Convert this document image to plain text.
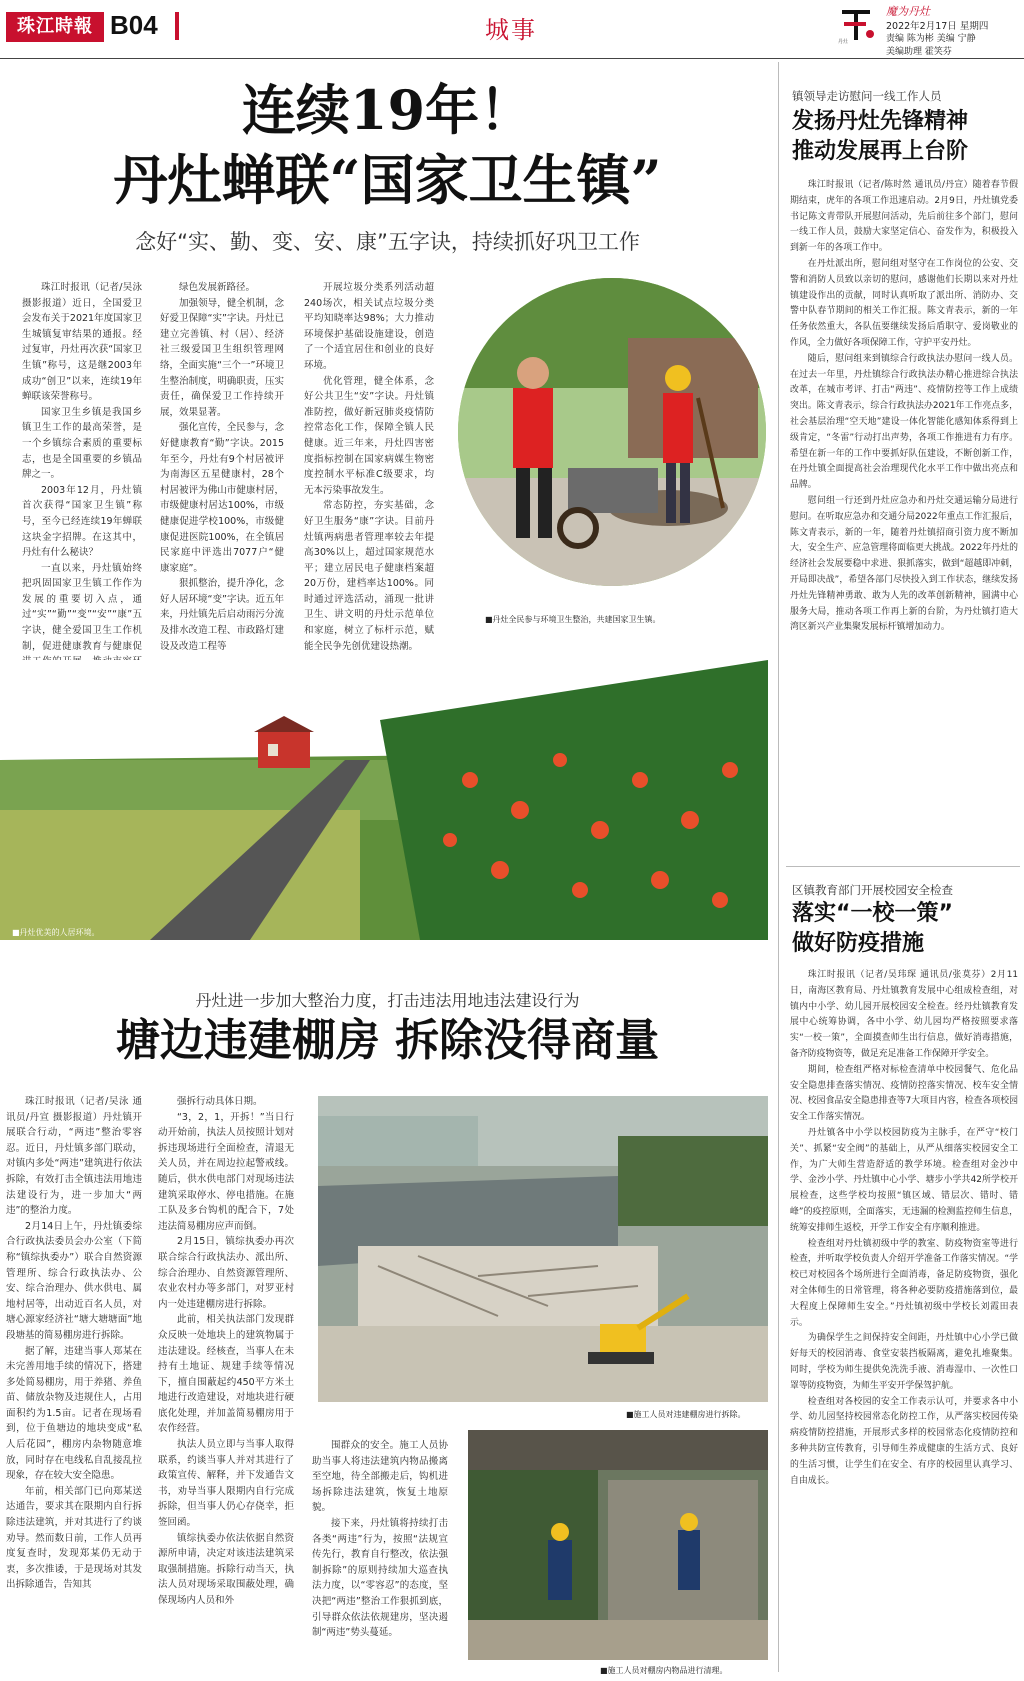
珠江時報 B04	城事	丹灶
魔为丹灶
2022年2月17日 星期四
责编 陈为彬 美编 宁静
美编助理 霍笑芬
连续19年！
丹灶蝉联“国家卫生镇”
念好“实、勤、变、安、康”五字诀，持续抓好巩卫工作

珠江时报讯（记者/吴泳 摄影报道）近日，全国爱卫会发布关于2021年度国家卫生城镇复审结果的通报。经过复审，丹灶再次获“国家卫生镇”称号，这是继2003年成功“创卫”以来，连续19年蝉联该荣誉称号。

国家卫生乡镇是我国乡镇卫生工作的最高荣誉，是一个乡镇综合素质的重要标志，也是全国重要的乡镇品牌之一。

2003年12月，丹灶镇首次获得“国家卫生镇”称号，至今已经连续19年蝉联这块金字招牌。在这其中，丹灶有什么秘诀？

一直以来，丹灶镇始终把巩固国家卫生镇工作作为发展的重要切入点，通过“实”“勤”“变”“安”“康”五字诀，健全爱国卫生工作机制，促进健康教育与健康促

绿色发展新路径。

加强领导，健全机制，念好爱卫保障“实”字诀。丹灶已建立完善镇、村（居）、经济社三级爱国卫生组织管理网络，全面实施“三个一”环境卫生整治制度，明确职责，压实责任，确保爱卫工作持续开展，效果显著。

强化宣传，全民参与，念好健康教育“勤”字诀。2015年至今，丹灶有9个村居被评为南海区五星健康村，28个村居被评为佛山市健康村居，市级健康村居达100%，市级健康促进学校100%，市级健康促进医院100%，在全镇居民家庭中评选出7077户“健康家庭”。

狠抓整治，提升净化，念好人居环境“变”字诀。近五年来，丹灶镇先后启动雨污分流及排水改造工程、市政路灯建设及改造工程等

开展垃圾分类系列活动超240场次，相关试点垃圾分类平均知晓率达98%；大力推动环境保护基础设施建设，创造了一个适宜居住和创业的良好环境。

优化管理，健全体系，念好公共卫生“安”字诀。丹灶镇准防控，做好新冠肺炎疫情防控常态化工作，保障全镇人民健康。近三年来，丹灶四害密度指标控制在国家病媒生物密度控制水平标准C级要求，均无本污染事故发生。

常态防控，夯实基础，念好卫生服务“康”字诀。目前丹灶镇两病患者管理率较去年提高30%以上，超过国家规范水平；建立居民电子健康档案超20万份，建档率达100%。同时通过评选活动，涌现一批讲卫生、讲文明的丹灶示范单位和家庭，树立了标杆示范，赋能全民争先创优建设热潮。

■丹灶全民参与环境卫生整治，共建国家卫生镇。
■丹灶优美的人居环境。
丹灶进一步加大整治力度，打击违法用地违法建设行为
塘边违建棚房 拆除没得商量

珠江时报讯（记者/吴泳 通讯员/丹宣 摄影报道）丹灶镇开展联合行动，“两违”整治零容忍。近日，丹灶镇多部门联动，对镇内多处“两违”建筑进行依法拆除，有效打击全镇违法用地违法建设行为，进一步加大“两违”的整治力度。

2月14日上午，丹灶镇委综合行政执法委员会办公室（下简称“镇综执委办”）联合自然资源管理所、综合行政执法办、公安、综合治理办、供水供电、属地村居等，出动近百名人员，对塘心源家经济社“塘大塘塘面”地段塘基的简易棚房进行拆除。

据了解，违建当事人郑某在未完善用地手续的情况下，搭建多处简易棚房，用于养猪、养鱼苗、储放杂物及违规住人，占用面积约为1.5亩。记者在现场看到，位于鱼塘边的地块变成“私人后花园”，棚房内杂物随意堆放，同时存在电线私自乱接乱拉现象，存在较大安全隐患。

年前，相关部门已向郑某送达通告，要求其在限期内自行拆除违法建筑，并对其进行了约谈劝导。然而数日前，工作人员再度复查时，发现郑某仍无动于衷，多次推诿，于是现场对其发出拆除通告，告知其

强拆行动具体日期。

“3，2，1，开拆！”当日行动开始前，执法人员按照计划对拆违现场进行全面检查，清退无关人员，并在周边拉起警戒线。随后，供水供电部门对现场违法建筑采取停水、停电措施。在施工队及多台钩机的配合下，7处违法简易棚房应声而倒。

2月15日，镇综执委办再次联合综合行政执法办、派出所、综合治理办、自然资源管理所、农业农村办等多部门，对罗亚村内一处违建棚房进行拆除。

此前，相关执法部门发现群众反映一处地块上的建筑物属于违法建设。经核查，当事人在未持有土地证、规建手续等情况下，擅自围蔽起约450平方米土地进行改造建设，对地块进行硬底化处理，并加盖简易棚房用于农作经营。

执法人员立即与当事人取得联系，约谈当事人并对其进行了政策宣传、解释，并下发通告文书，劝导当事人限期内自行完成拆除，但当事人仍心存侥幸，拒签回函。

镇综执委办依法依据自然资源所申请，决定对该违法建筑采取强制措施。拆除行动当天，执法人员对现场采取围蔽处理，确保现场内人员和外

围群众的安全。施工人员协助当事人将违法建筑内物品搬离至空地，待全部搬走后，钩机进场拆除违法建筑，恢复土地原貌。

接下来，丹灶镇将持续打击各类“两违”行为，按照“法规宣传先行，教育自行整改，依法强制拆除”的原则持续加大巡查执法力度，以“零容忍”的态度，坚决把“两违”整治工作狠抓到底，引导群众依法依规建房，坚决遏制“两违”势头蔓延。

■施工人员对违建棚房进行拆除。
■施工人员对棚房内物品进行清理。
镇领导走访慰问一线工作人员
发扬丹灶先锋精神
推动发展再上台阶

珠江时报讯（记者/陈时然 通讯员/丹宣）随着春节假期结束，虎年的各项工作迅速启动。2月9日，丹灶镇党委书记陈文青带队开展慰问活动，先后前往多个部门，慰问一线工作人员，鼓励大家坚定信心、奋发作为，积极投入到新一年的各项工作中。

在丹灶派出所，慰问组对坚守在工作岗位的公安、交警和消防人员致以亲切的慰问，感谢他们长期以来对丹灶镇建设作出的贡献，同时认真听取了派出所、消防办、交警中队春节期间的相关工作汇报。陈文青表示，新的一年任务依然重大，各队伍要继续发扬后盾职守、爱岗敬业的作风，全力做好各项保障工作，守护平安丹灶。

随后，慰问组来到镇综合行政执法办慰问一线人员。在过去一年里，丹灶镇综合行政执法办精心推进综合执法改革，在城市考评、打击“两违”、疫情防控等工作上成绩突出。陈文青表示，综合行政执法办2021年工作亮点多，社会基层治理“空天地”建设一体化智能化感知体系得到上级肯定，“冬雷”行动打出声势，各项工作推进有力有序。希望在新一年的工作中要抓好队伍建设，不断创新工作，在丹灶镇全面提高社会治理现代化水平工作中做出亮点和品牌。

慰问组一行还到丹灶应急办和丹灶交通运输分局进行慰问。在听取应急办和交通分局2022年重点工作汇报后，陈文青表示，新的一年，随着丹灶镇招商引资力度不断加大，安全生产、应急管理将面临更大挑战。2022年丹灶的经济社会发展要稳中求进、狠抓落实，做到“超越即冲刺，开局即决战”，希望各部门尽快投入到工作状态，继续发扬丹灶先锋精神勇敢、敢为人先的改革创新精神，圆满中心服务大局，推动各项工作再上新的台阶，为丹灶镇打造大湾区新兴产业集聚发展标杆镇增加动力。

区镇教育部门开展校园安全检查
落实“一校一策”
做好防疫措施

珠江时报讯（记者/吴玮琛 通讯员/张莫芬）2月11日，南海区教育局、丹灶镇教育发展中心组成检查组，对镇内中小学、幼儿园开展校园安全检查。经丹灶镇教育发展中心统筹协调，各中小学、幼儿园均严格按照要求落实“一校一策”，全面摸查师生出行信息，做好消毒措施，备齐防疫物资等，做足充足准备工作保障开学安全。

期间，检查组严格对标检查清单中校园餐气、危化品安全隐患排查落实情况、疫情防控落实情况、校车安全情况、校园食品安全隐患排查等7大项目内容，检查各项校园安全工作落实情况。

丹灶镇各中小学以校园防疫为主脉手，在严守“校门关”、抓紧“安全阀”的基础上，从严从细落实校园安全工作，为广大师生营造舒适的教学环境。检查组对金沙中学、金沙小学、丹灶镇中心小学、塘步小学共42所学校开展检查，这些学校均按照“镇区域、错层次、错时、错峰”的疫控原则，全面落实，无违漏的检测监控师生信息，统筹安排师生返校，开学工作安全有序顺利推进。

检查组对丹灶镇初级中学的教室、防疫物资室等进行检查，并听取学校负责人介绍开学准备工作落实情况。“学校已对校园各个场所进行全面消毒，备足防疫物资，强化对全体师生的日常管理，将各种必要防疫措施落到位，最大程度上保障师生安全。”丹灶镇初级中学校长刘霞田表示。

为确保学生之间保持安全间距，丹灶镇中心小学已做好每天的校园消毒、食堂安装挡板隔离，避免扎堆聚集。同时，学校为师生提供免洗洗手液、消毒湿巾、一次性口罩等防疫物资，为师生平安开学保驾护航。

检查组对各校园的安全工作表示认可，并要求各中小学、幼儿园坚持校园常态化防控工作，从严落实校园传染病疫情防控措施，开展形式多样的校园常态化疫情防控和多种共防宣传教育，引导师生养成健康的生活方式、良好的生活习惯，让学生们在安全、有序的校园里认真学习、自由成长。
